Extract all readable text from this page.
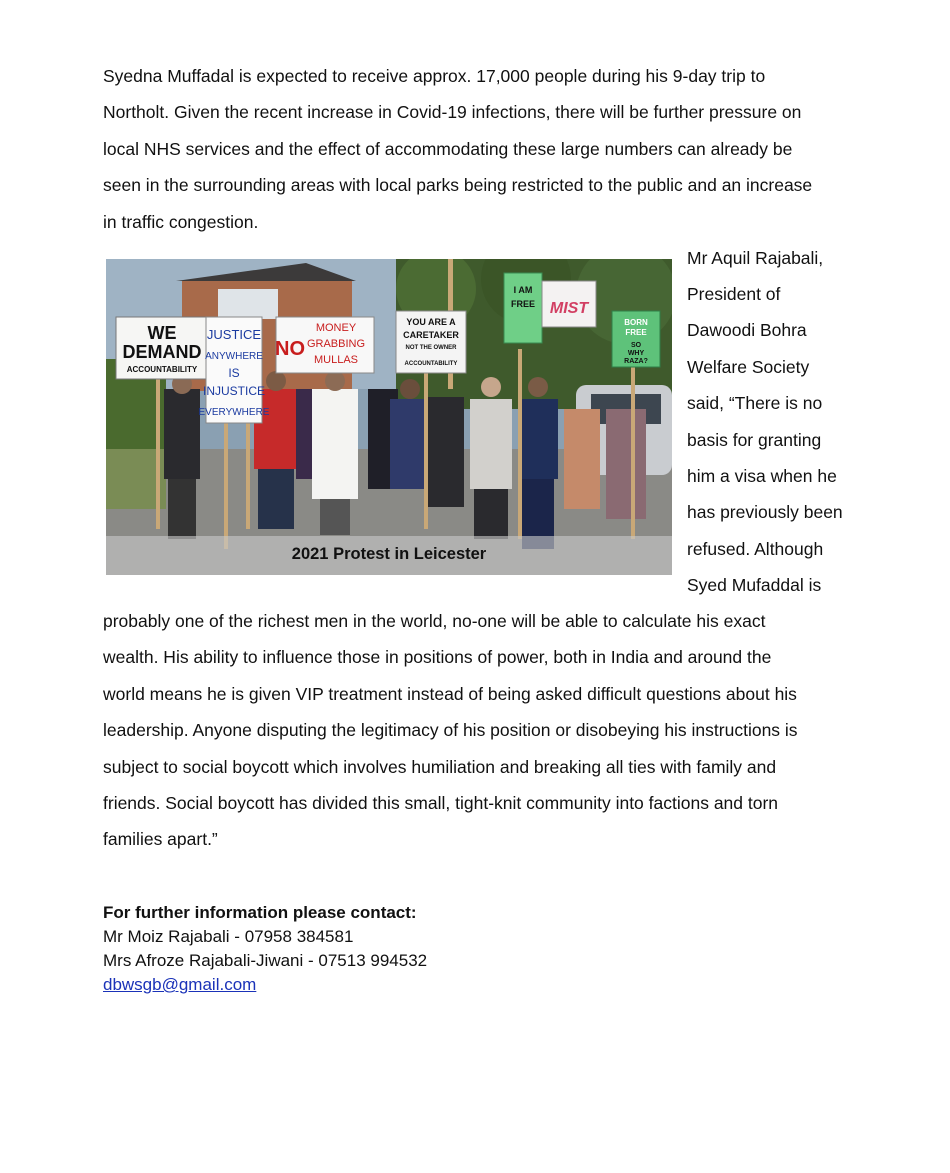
Syedna Muffadal is expected to receive approx. 17,000 people during his 9-day trip to
Northolt. Given the recent increase in Covid-19 infections, there will be further pressure on
local NHS services and the effect of accommodating these large numbers can already be
seen in the surrounding areas with local parks being restricted to the public and an increase
in traffic congestion.
WE
DEMAND
ACCOUNTABILITY
JUSTICE
ANYWHERE
IS
INJUSTICE
EVERYWHERE
NO
MONEY
GRABBING
MULLAS
YOU ARE A
CARETAKER
NOT THE OWNER
ACCOUNTABILITY
I AM
FREE MIST
BORN
FREE
SO
WHY
RAZA?
2021 Protest in Leicester
Mr Aquil Rajabali,
President of
Dawoodi Bohra
Welfare Society
said, “There is no
basis for granting
him a visa when he
has previously been
refused. Although
Syed Mufaddal is
probably one of the richest men in the world, no-one will be able to calculate his exact
wealth. His ability to influence those in positions of power, both in India and around the
world means he is given VIP treatment instead of being asked difficult questions about his
leadership. Anyone disputing the legitimacy of his position or disobeying his instructions is
subject to social boycott which involves humiliation and breaking all ties with family and
friends. Social boycott has divided this small, tight-knit community into factions and torn
families apart.”
For further information please contact:
Mr Moiz Rajabali - 07958 384581
Mrs Afroze Rajabali-Jiwani - 07513 994532
dbwsgb@gmail.com
